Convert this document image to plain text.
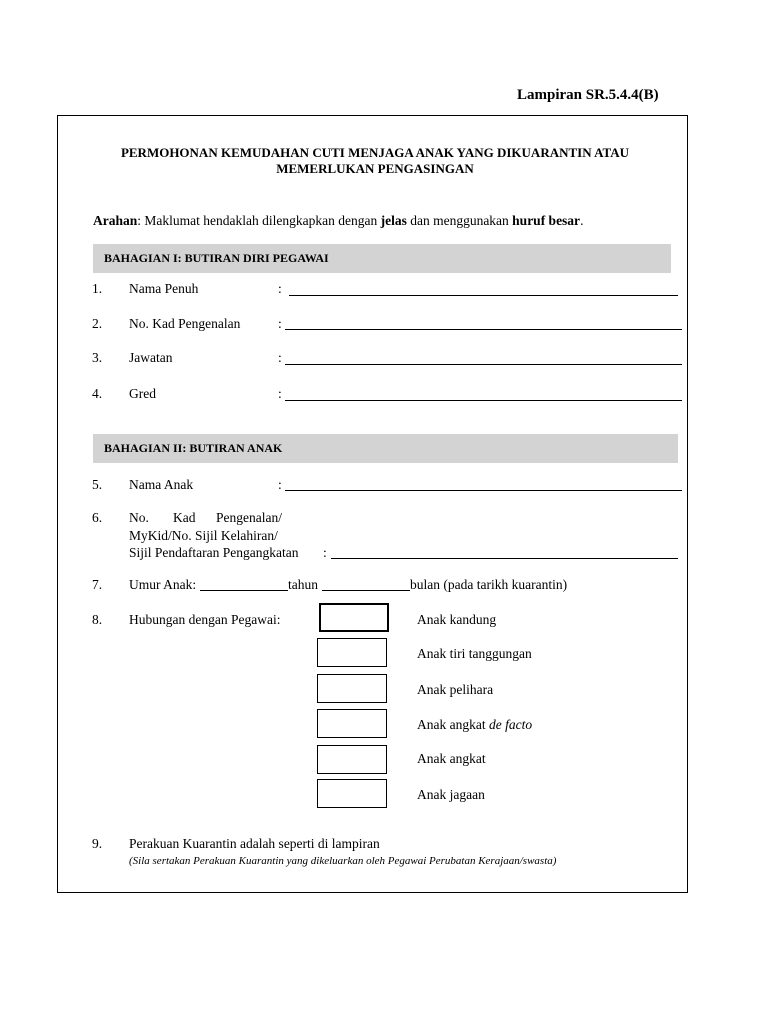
Lampiran SR.5.4.4(B)
PERMOHONAN KEMUDAHAN CUTI MENJAGA ANAK YANG DIKUARANTIN ATAU
MEMERLUKAN PENGASINGAN
Arahan: Maklumat hendaklah dilengkapkan dengan jelas dan menggunakan huruf besar.
BAHAGIAN I: BUTIRAN DIRI PEGAWAI
1. Nama Penuh	:
2. No. Kad Pengenalan	:
3. Jawatan	:
4. Gred	:
BAHAGIAN II: BUTIRAN ANAK
5. Nama Anak	:
6. No. Kad Pengenalan/
MyKid/No. Sijil Kelahiran/
Sijil Pendaftaran Pengangkatan :
7. Umur Anak:	tahun	bulan (pada tarikh kuarantin)
8. Hubungan dengan Pegawai:	Anak kandung
Anak tiri tanggungan
Anak pelihara
Anak angkat de facto
Anak angkat
Anak jagaan
9. Perakuan Kuarantin adalah seperti di lampiran
(Sila sertakan Perakuan Kuarantin yang dikeluarkan oleh Pegawai Perubatan Kerajaan/swasta)
